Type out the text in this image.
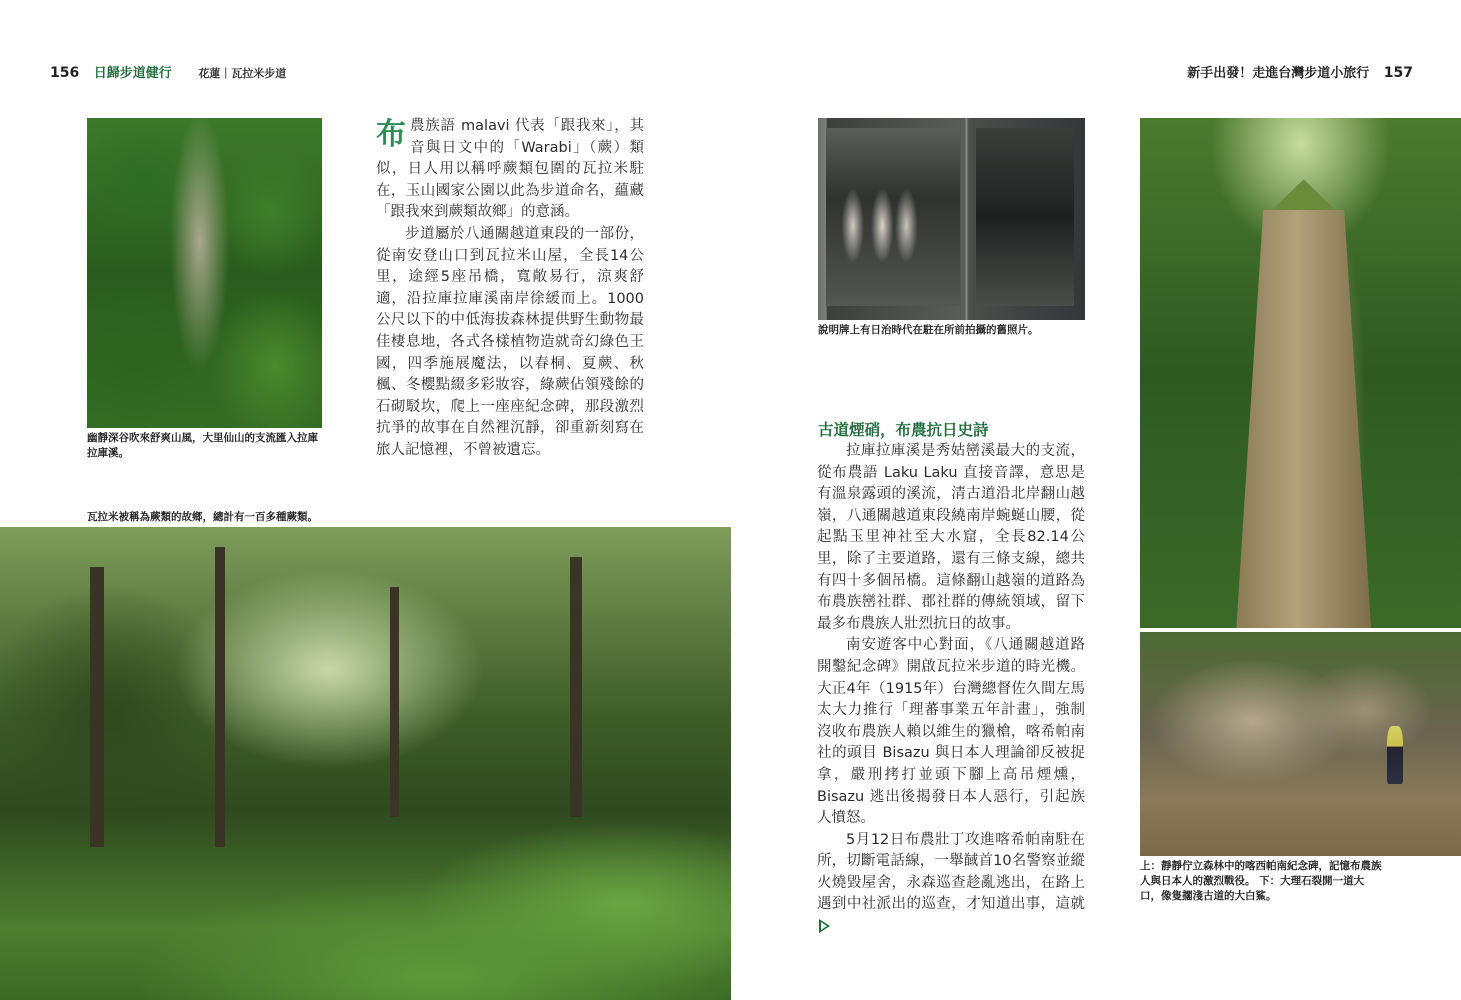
156 日歸步道健行 花蓮｜瓦拉米步道	新手出發！走進台灣步道小旅行 157
幽靜深谷吹來舒爽山風，大里仙山的支流匯入拉庫拉庫溪。

布農族語 malavi 代表「跟我來」，其音與日文中的「Warabi」（蕨）類似，日人用以稱呼蕨類包圍的瓦拉米駐在，玉山國家公園以此為步道命名，蘊藏「跟我來到蕨類故鄉」的意涵。

步道屬於八通關越道東段的一部份，從南安登山口到瓦拉米山屋，全長14公里，途經5座吊橋，寬敞易行，涼爽舒適，沿拉庫拉庫溪南岸徐緩而上。1000公尺以下的中低海拔森林提供野生動物最佳棲息地，各式各樣植物造就奇幻綠色王國，四季施展魔法，以春桐、夏蕨、秋楓、冬櫻點綴多彩妝容，綠蕨佔領殘餘的石砌駁坎，爬上一座座紀念碑，那段激烈抗爭的故事在自然裡沉靜，卻重新刻寫在旅人記憶裡，不曾被遺忘。

瓦拉米被稱為蕨類的故鄉，總計有一百多種蕨類。
說明牌上有日治時代在駐在所前拍攝的舊照片。
古道煙硝，布農抗日史詩

拉庫拉庫溪是秀姑巒溪最大的支流，從布農語 Laku Laku 直接音譯，意思是有溫泉露頭的溪流，清古道沿北岸翻山越嶺，八通關越道東段繞南岸蜿蜒山腰，從起點玉里神社至大水窟，全長82.14公里，除了主要道路，還有三條支線，總共有四十多個吊橋。這條翻山越嶺的道路為布農族巒社群、郡社群的傳統領域，留下最多布農族人壯烈抗日的故事。

南安遊客中心對面，《八通關越道路開鑿紀念碑》開啟瓦拉米步道的時光機。大正4年（1915年）台灣總督佐久間左馬太大力推行「理蕃事業五年計畫」，強制沒收布農族人賴以維生的獵槍，喀希帕南社的頭目 Bisazu 與日本人理論卻反被捉拿，嚴刑拷打並頭下腳上高吊煙燻，Bisazu 逃出後揭發日本人惡行，引起族人憤怒。

5月12日布農壯丁攻進喀希帕南駐在所，切斷電話線，一舉馘首10名警察並縱火燒毀屋舍，永森巡查趁亂逃出，在路上遇到中社派出的巡查，才知道出事，這就

上：靜靜佇立森林中的喀西帕南紀念碑，記憶布農族人與日本人的激烈戰役。 下：大理石裂開一道大口，像隻擱淺古道的大白鯊。
